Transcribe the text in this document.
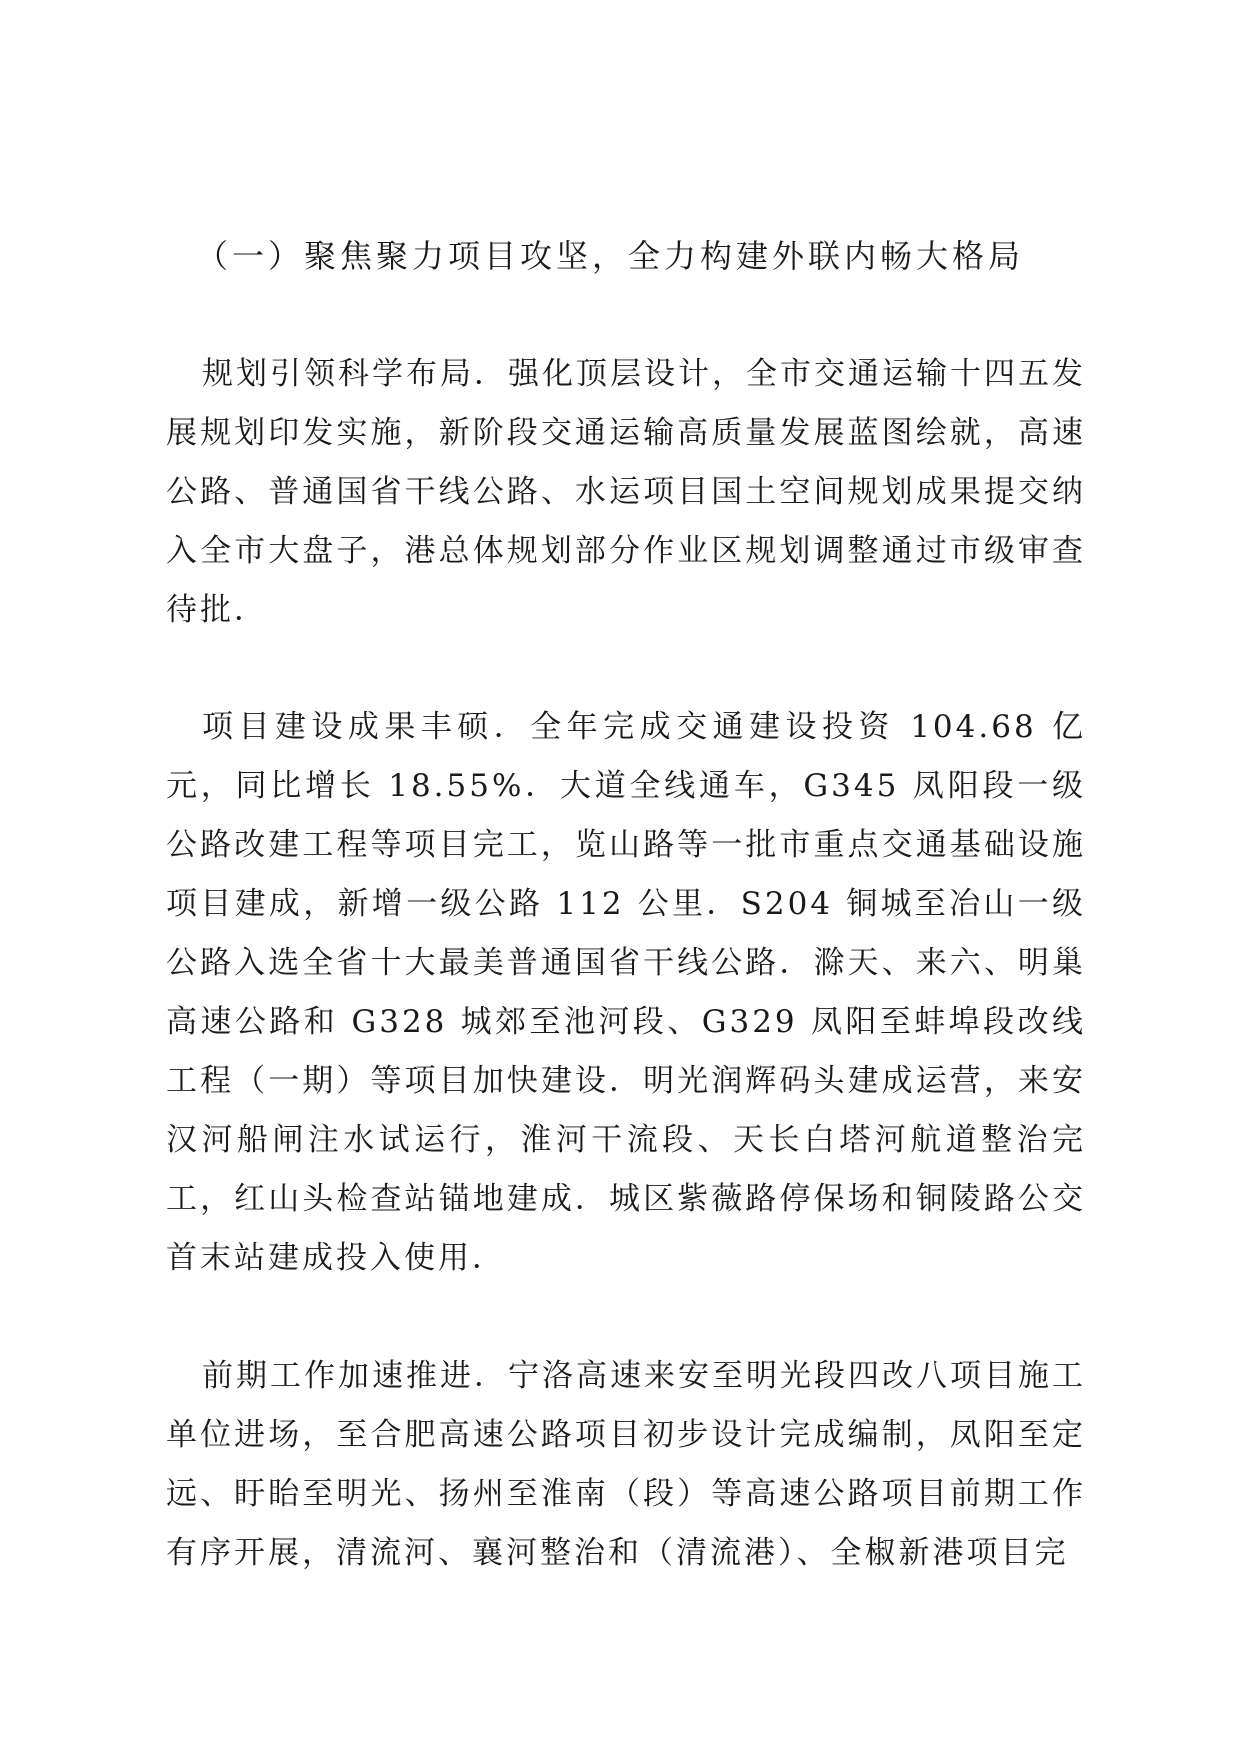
（一）聚焦聚力项目攻坚，全力构建外联内畅大格局

规划引领科学布局．强化顶层设计，全市交通运输十四五发展规划印发实施，新阶段交通运输高质量发展蓝图绘就，高速公路、普通国省干线公路、水运项目国土空间规划成果提交纳入全市大盘子，港总体规划部分作业区规划调整通过市级审查待批．

项目建设成果丰硕．全年完成交通建设投资 104.68 亿元，同比增长 18.55%．大道全线通车，G345 凤阳段一级公路改建工程等项目完工，览山路等一批市重点交通基础设施项目建成，新增一级公路 112 公里．S204 铜城至冶山一级公路入选全省十大最美普通国省干线公路．滁天、来六、明巢高速公路和 G328 城郊至池河段、G329 凤阳至蚌埠段改线工程（一期）等项目加快建设．明光润辉码头建成运营，来安汉河船闸注水试运行，淮河干流段、天长白塔河航道整治完工，红山头检查站锚地建成．城区紫薇路停保场和铜陵路公交首末站建成投入使用．

前期工作加速推进．宁洛高速来安至明光段四改八项目施工单位进场，至合肥高速公路项目初步设计完成编制，凤阳至定远、盱眙至明光、扬州至淮南（段）等高速公路项目前期工作有序开展，清流河、襄河整治和（清流港）、全椒新港项目完
